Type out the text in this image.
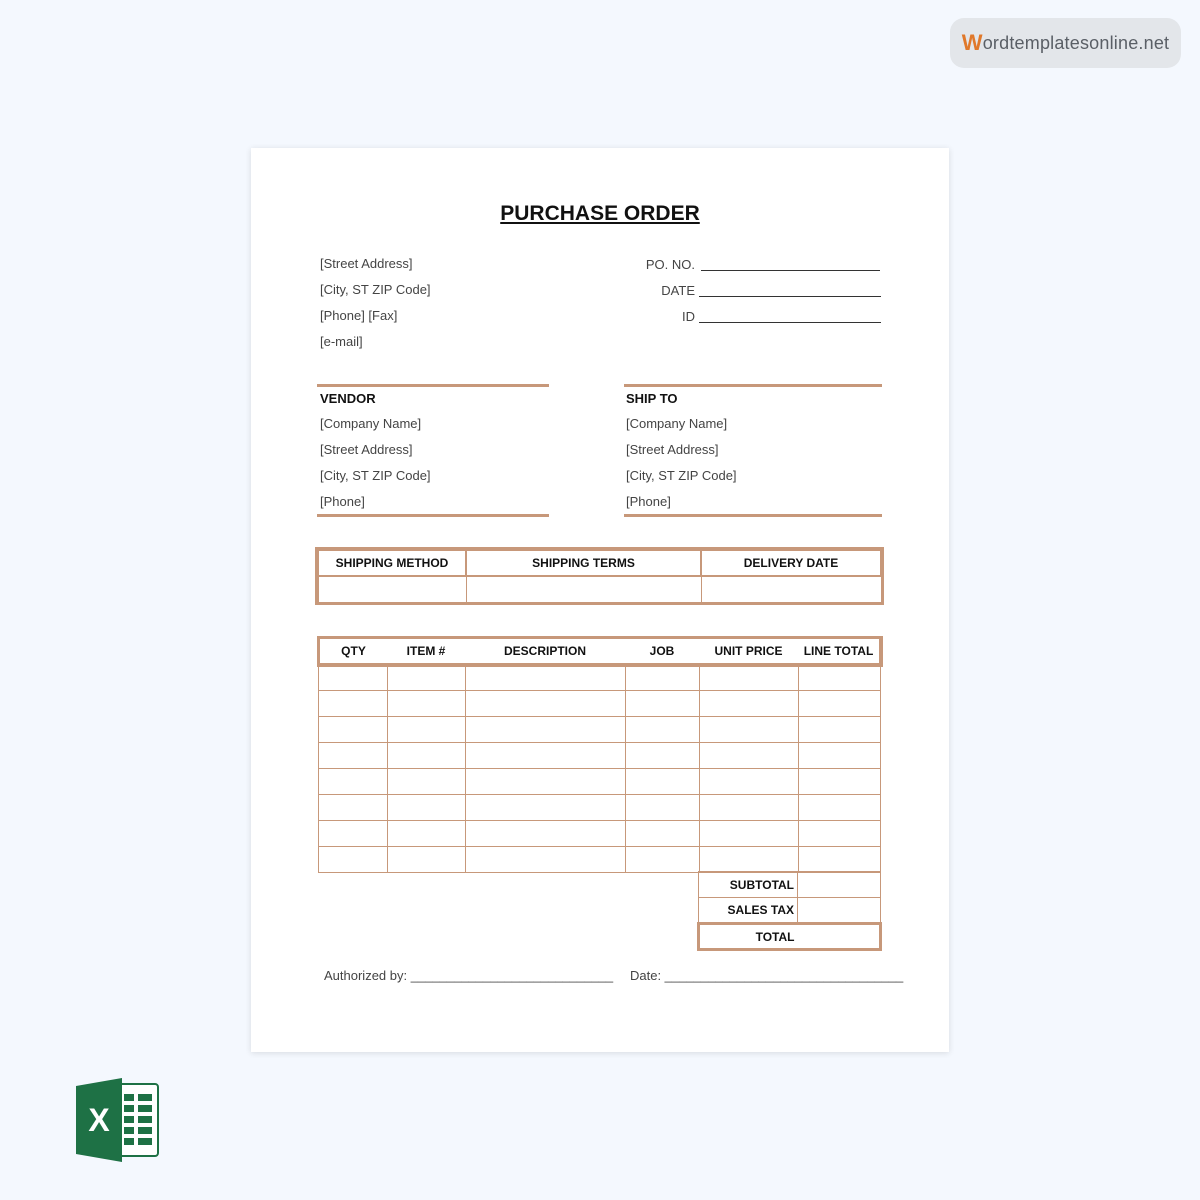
W ordtemplatesonline.net
PURCHASE ORDER
[Street Address]
[City, ST ZIP Code]
[Phone] [Fax]
[e-mail]
PO. NO.
DATE
ID
VENDOR
[Company Name]
[Street Address]
[City, ST ZIP Code]
[Phone]
SHIP TO
[Company Name]
[Street Address]
[City, ST ZIP Code]
[Phone]
SHIPPING METHOD	SHIPPING TERMS	DELIVERY DATE

QTY	ITEM #	DESCRIPTION	JOB	UNIT PRICE	LINE TOTAL

SUBTOTAL	
SALES TAX	
TOTAL	
Authorized by: ____________________________ Date: _________________________________
X
